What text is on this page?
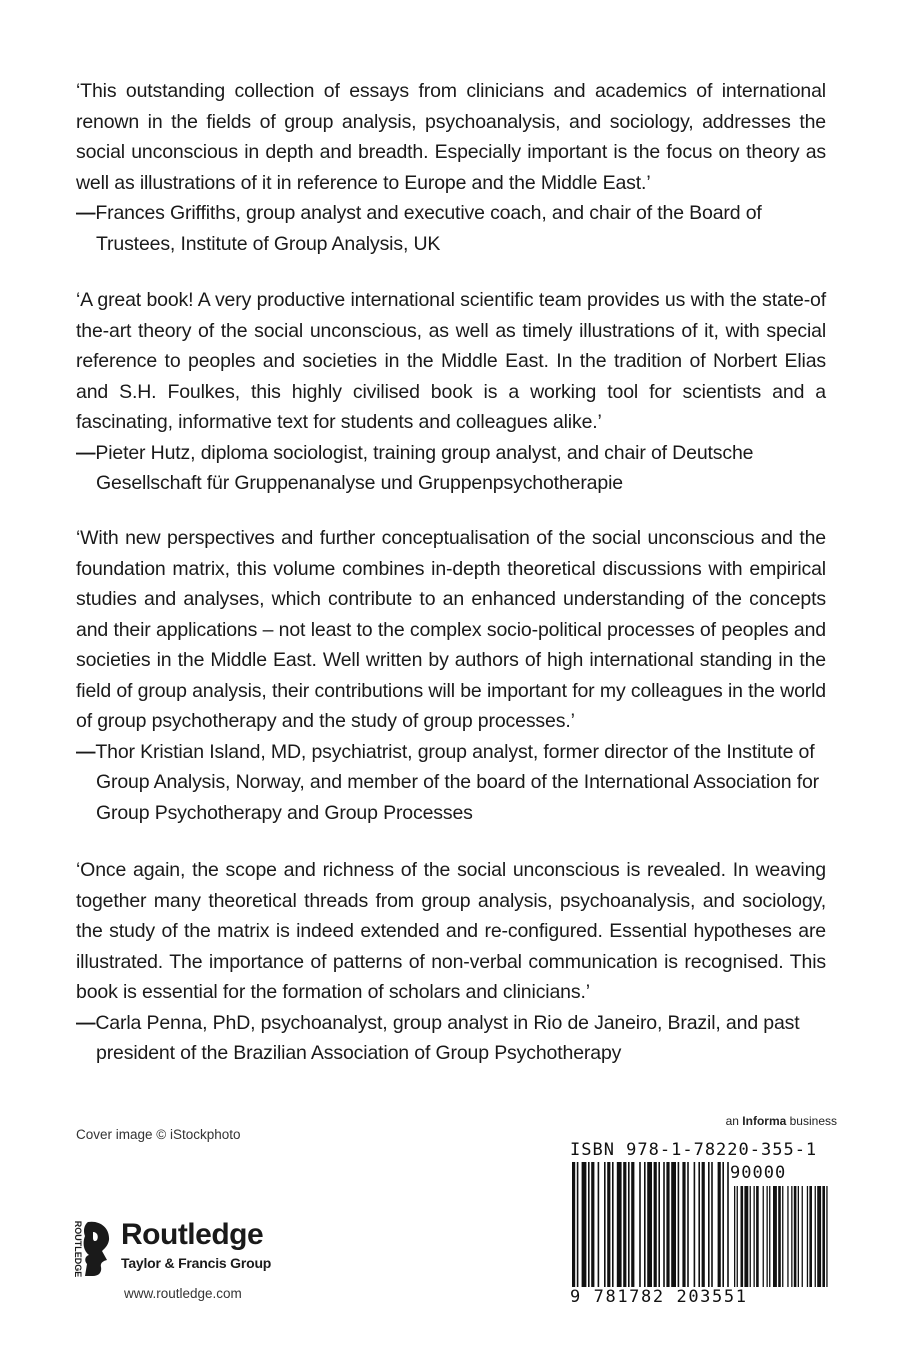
‘This outstanding collection of essays from clinicians and academics of international renown in the fields of group analysis, psychoanalysis, and sociology, addresses the social unconscious in depth and breadth. Especially important is the focus on theory as well as illustrations of it in reference to Europe and the Middle East.’

—Frances Griffiths, group analyst and executive coach, and chair of the Board of Trustees, Institute of Group Analysis, UK

‘A great book! A very productive international scientific team provides us with the state-of the-art theory of the social unconscious, as well as timely illustrations of it, with special reference to peoples and societies in the Middle East. In the tradition of Norbert Elias and S.H. Foulkes, this highly civilised book is a working tool for scientists and a fascinating, informative text for students and colleagues alike.’

—Pieter Hutz, diploma sociologist, training group analyst, and chair of Deutsche Gesellschaft für Gruppenanalyse und Gruppenpsychotherapie

‘With new perspectives and further conceptualisation of the social unconscious and the foundation matrix, this volume combines in-depth theoretical discussions with empirical studies and analyses, which contribute to an enhanced understanding of the concepts and their applications – not least to the complex socio-political processes of peoples and societies in the Middle East. Well written by authors of high international standing in the field of group analysis, their contributions will be important for my colleagues in the world of group psychotherapy and the study of group processes.’

—Thor Kristian Island, MD, psychiatrist, group analyst, former director of the Institute of Group Analysis, Norway, and member of the board of the International Association for Group Psychotherapy and Group Processes

‘Once again, the scope and richness of the social unconscious is revealed. In weaving together many theoretical threads from group analysis, psychoanalysis, and sociology, the study of the matrix is indeed extended and re-configured. Essential hypotheses are illustrated. The importance of patterns of non-verbal communication is recognised. This book is essential for the formation of scholars and clinicians.’

—Carla Penna, PhD, psychoanalyst, group analyst in Rio de Janeiro, Brazil, and past president of the Brazilian Association of Group Psychotherapy

Cover image © iStockphoto
ROUTLEDGE Routledge
Taylor & Francis Group
www.routledge.com
an Informa business
ISBN 978-1-78220-355-1
90000
9 781782 203551
